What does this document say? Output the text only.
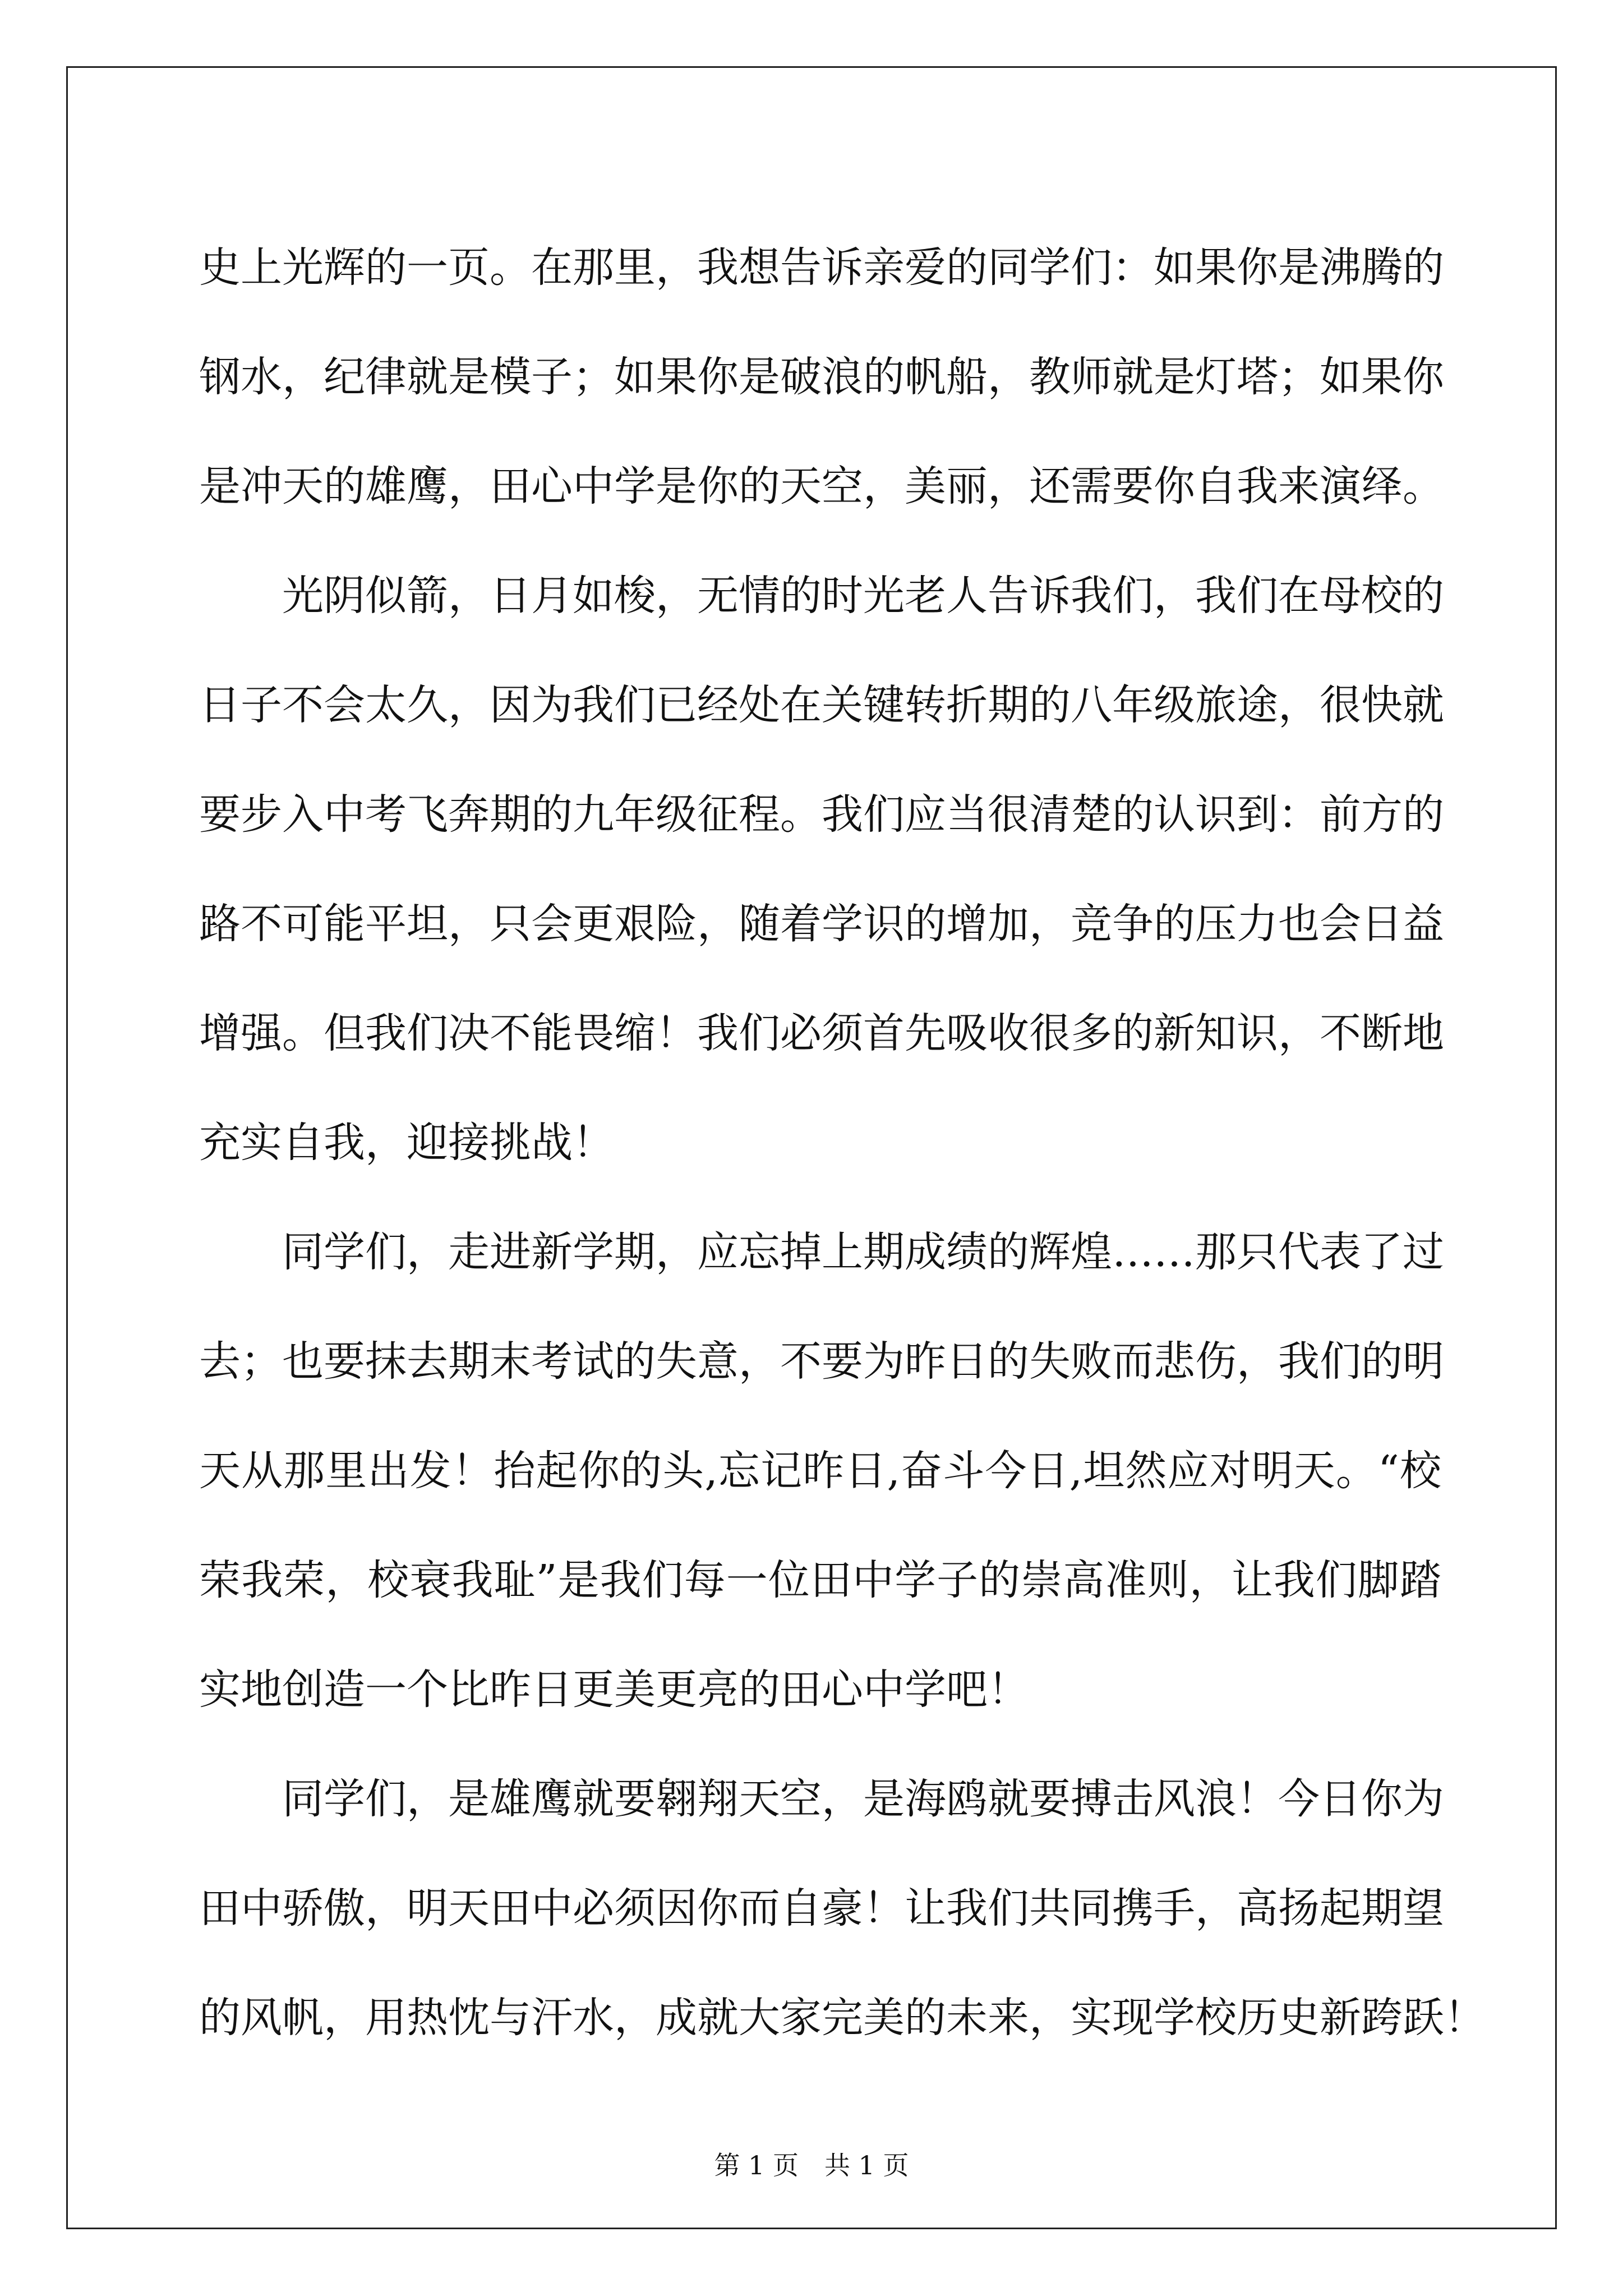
史上光辉的一页。在那里，我想告诉亲爱的同学们：如果你是沸腾的
钢水，纪律就是模子；如果你是破浪的帆船，教师就是灯塔；如果你
是冲天的雄鹰，田心中学是你的天空，美丽，还需要你自我来演绎。
光阴似箭，日月如梭，无情的时光老人告诉我们，我们在母校的
日子不会太久，因为我们已经处在关键转折期的八年级旅途，很快就
要步入中考飞奔期的九年级征程。我们应当很清楚的认识到：前方的
路不可能平坦，只会更艰险，随着学识的增加，竞争的压力也会日益
增强。但我们决不能畏缩！我们必须首先吸收很多的新知识，不断地
充实自我，迎接挑战！
同学们，走进新学期，应忘掉上期成绩的辉煌……那只代表了过
去；也要抹去期末考试的失意，不要为昨日的失败而悲伤，我们的明
天从那里出发！抬起你的头,忘记昨日,奋斗今日,坦然应对明天。“校
荣我荣，校衰我耻”是我们每一位田中学子的崇高准则，让我们脚踏
实地创造一个比昨日更美更亮的田心中学吧！
同学们，是雄鹰就要翱翔天空，是海鸥就要搏击风浪！今日你为
田中骄傲，明天田中必须因你而自豪！让我们共同携手，高扬起期望
的风帆，用热忱与汗水，成就大家完美的未来，实现学校历史新跨跃！
第 1 页　共 1 页
